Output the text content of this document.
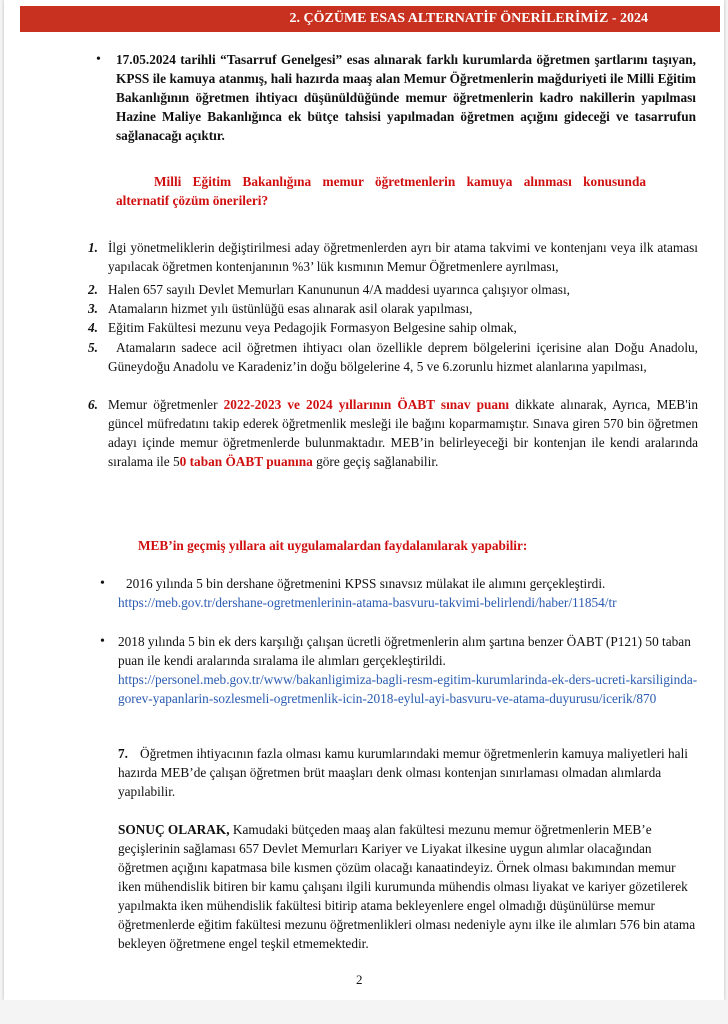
2. ÇÖZÜME ESAS ALTERNATİF ÖNERİLERİMİZ - 2024
• 17.05.2024 tarihli “Tasarruf Genelgesi” esas alınarak farklı kurumlarda öğretmen şartlarını taşıyan, KPSS ile kamuya atanmış, hali hazırda maaş alan Memur Öğretmenlerin mağduriyeti ile Milli Eğitim Bakanlığının öğretmen ihtiyacı düşünüldüğünde memur öğretmenlerin kadro nakillerin yapılması Hazine Maliye Bakanlığınca ek bütçe tahsisi yapılmadan öğretmen açığını gideceği ve tasarrufun sağlanacağı açıktır.
Milli Eğitim Bakanlığına memur öğretmenlerin kamuya alınması konusunda alternatif çözüm önerileri?
1. İlgi yönetmeliklerin değiştirilmesi aday öğretmenlerden ayrı bir atama takvimi ve kontenjanı veya ilk ataması yapılacak öğretmen kontenjanının %3’ lük kısmının Memur Öğretmenlere ayrılması,
2. Halen 657 sayılı Devlet Memurları Kanununun 4/A maddesi uyarınca çalışıyor olması,
3. Atamaların hizmet yılı üstünlüğü esas alınarak asil olarak yapılması,
4. Eğitim Fakültesi mezunu veya Pedagojik Formasyon Belgesine sahip olmak,
5.	Atamaların sadece acil öğretmen ihtiyacı olan özellikle deprem bölgelerini içerisine alan Doğu Anadolu, Güneydoğu Anadolu ve Karadeniz’in doğu bölgelerine 4, 5 ve 6.zorunlu hizmet alanlarına yapılması,
6. Memur öğretmenler 2022-2023 ve 2024 yıllarının ÖABT sınav puanı dikkate alınarak, Ayrıca, MEB'in güncel müfredatını takip ederek öğretmenlik mesleği ile bağını koparmamıştır. Sınava giren 570 bin öğretmen adayı içinde memur öğretmenlerde bulunmaktadır. MEB’in belirleyeceği bir kontenjan ile kendi aralarında sıralama ile 50 taban ÖABT puanına göre geçiş sağlanabilir.
MEB’in geçmiş yıllara ait uygulamalardan faydalanılarak yapabilir:
•	2016 yılında 5 bin dershane öğretmenini KPSS sınavsız mülakat ile alımını gerçekleştirdi.
https://meb.gov.tr/dershane-ogretmenlerinin-atama-basvuru-takvimi-belirlendi/haber/11854/tr
• 2018 yılında 5 bin ek ders karşılığı çalışan ücretli öğretmenlerin alım şartına benzer ÖABT (P121) 50 taban puan ile kendi aralarında sıralama ile alımları gerçekleştirildi.
https://personel.meb.gov.tr/www/bakanligimiza-bagli-resm-egitim-kurumlarinda-ek-ders-ucreti-karsiliginda-gorev-yapanlarin-sozlesmeli-ogretmenlik-icin-2018-eylul-ayi-basvuru-ve-atama-duyurusu/icerik/870
7. Öğretmen ihtiyacının fazla olması kamu kurumlarındaki memur öğretmenlerin kamuya maliyetleri hali hazırda MEB’de çalışan öğretmen brüt maaşları denk olması kontenjan sınırlaması olmadan alımlarda yapılabilir.
SONUÇ OLARAK, Kamudaki bütçeden maaş alan fakültesi mezunu memur öğretmenlerin MEB’e geçişlerinin sağlaması 657 Devlet Memurları Kariyer ve Liyakat ilkesine uygun alımlar olacağından öğretmen açığını kapatmasa bile kısmen çözüm olacağı kanaatindeyiz. Örnek olması bakımından memur iken mühendislik bitiren bir kamu çalışanı ilgili kurumunda mühendis olması liyakat ve kariyer gözetilerek yapılmakta iken mühendislik fakültesi bitirip atama bekleyenlere engel olmadığı düşünülürse memur öğretmenlerde eğitim fakültesi mezunu öğretmenlikleri olması nedeniyle aynı ilke ile alımları 576 bin atama bekleyen öğretmene engel teşkil etmemektedir.
2
